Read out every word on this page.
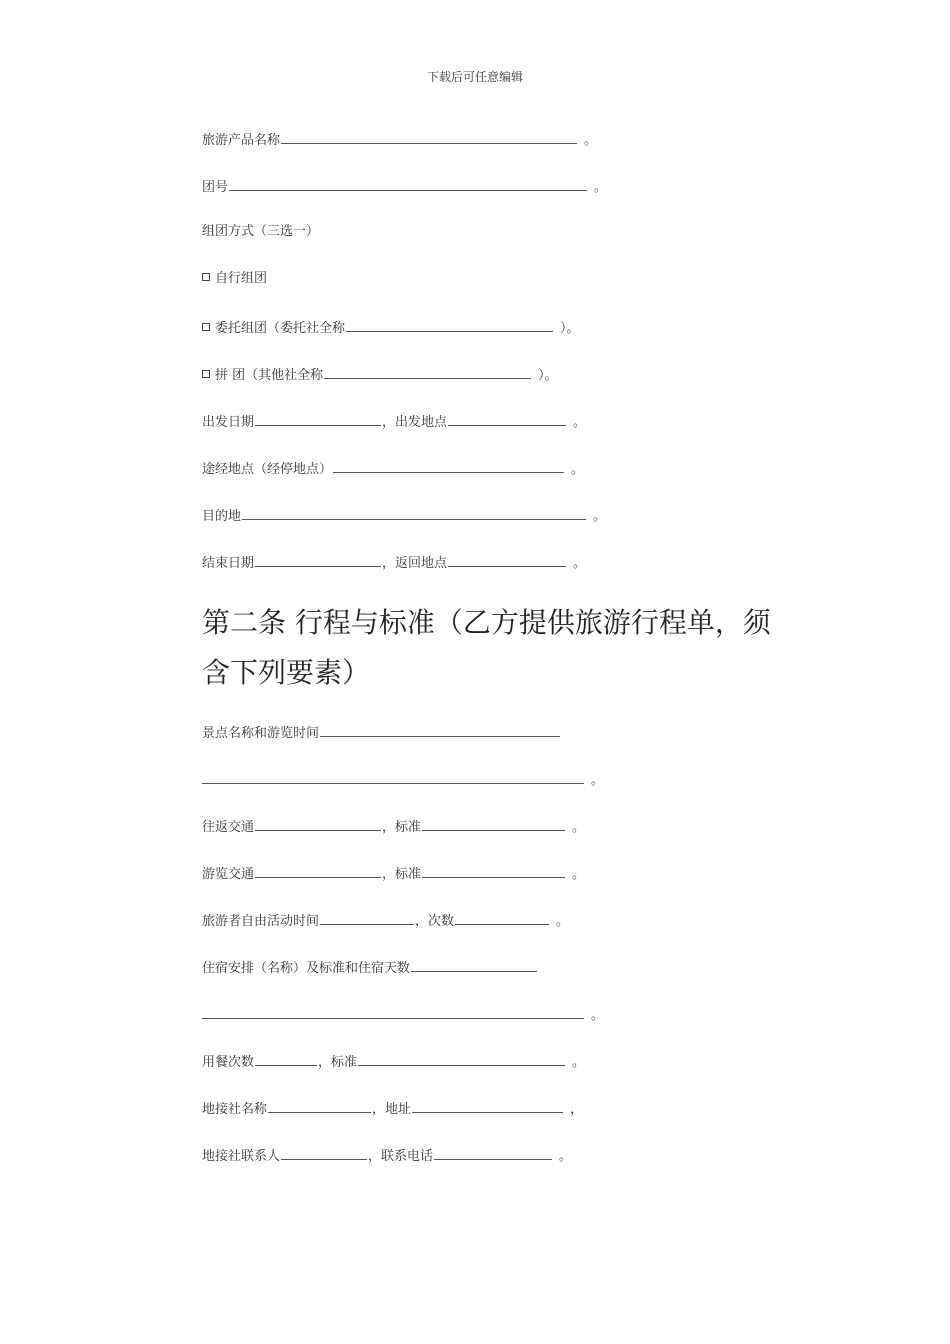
下载后可任意编辑
旅游产品名称	。
团号	。
组团方式（三选一）
自行组团
委托组团（委托社全称	）。
拼 团（其他社全称	）。
出发日期	，出发地点	。
途经地点（经停地点）	。
目的地	。
结束日期	，返回地点	。
第二条 行程与标准（乙方提供旅游行程单，须
含下列要素）
景点名称和游览时间
。
往返交通	，标准	。
游览交通	，标准	。
旅游者自由活动时间	，次数	。
住宿安排（名称）及标准和住宿天数
。
用餐次数	，标准	。
地接社名称	，地址	，
地接社联系人	，联系电话	。
